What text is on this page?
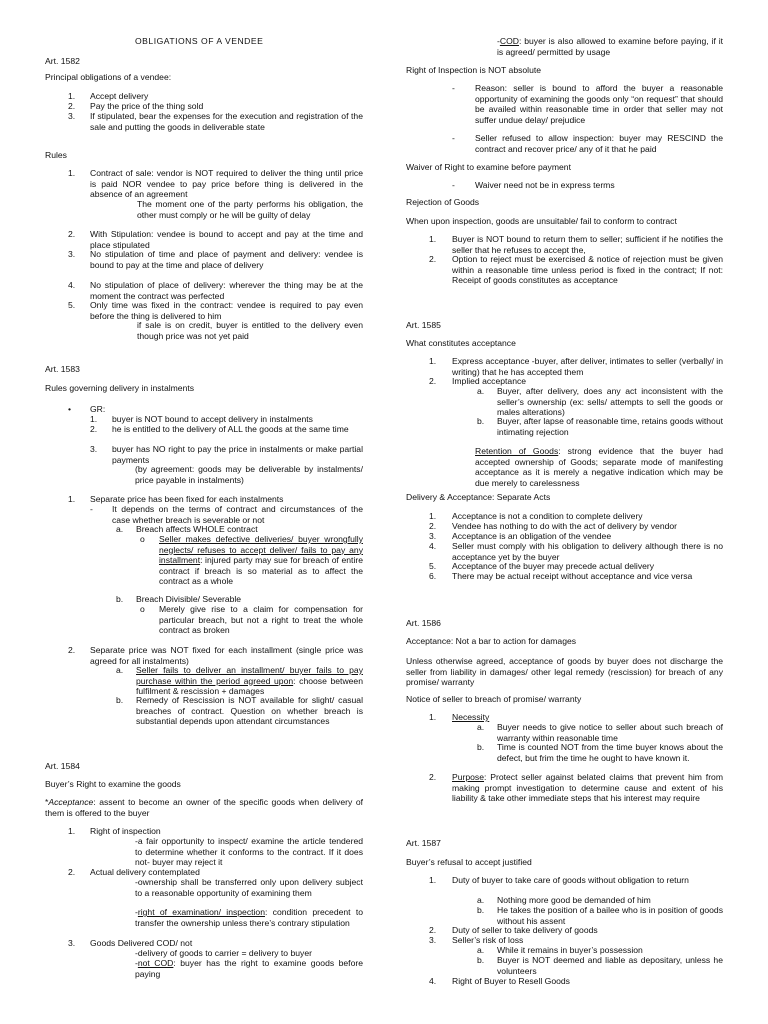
OBLIGATIONS OF A VENDEE
Art. 1582
Principal obligations of a vendee:
1. Accept delivery
2. Pay the price of the thing sold
3. If stipulated, bear the expenses for the execution and registration of the sale and putting the goods in deliverable state
Rules
1. Contract of sale: vendor is NOT required to deliver the thing until price is paid NOR vendee to pay price before thing is delivered in the absence of an agreement
The moment one of the party performs his obligation, the other must comply or he will be guilty of delay
2. With Stipulation: vendee is bound to accept and pay at the time and place stipulated
3. No stipulation of time and place of payment and delivery: vendee is bound to pay at the time and place of delivery
4. No stipulation of place of delivery: wherever the thing may be at the moment the contract was perfected
5. Only time was fixed in the contract: vendee is required to pay even before the thing is delivered to him
if sale is on credit, buyer is entitled to the delivery even though price was not yet paid
Art. 1583
Rules governing delivery in instalments
• GR:
1. buyer is NOT bound to accept delivery in instalments
2. he is entitled to the delivery of ALL the goods at the same time
3. buyer has NO right to pay the price in instalments or make partial payments
(by agreement: goods may be deliverable by instalments/ price payable in instalments)
1. Separate price has been fixed for each instalments
- It depends on the terms of contract and circumstances of the case whether breach is severable or not
a. Breach affects WHOLE contract
o Seller makes defective deliveries/ buyer wrongfully neglects/ refuses to accept deliver/ fails to pay any installment: injured party may sue for breach of entire contract if breach is so material as to affect the contract as a whole
b. Breach Divisible/ Severable
o Merely give rise to a claim for compensation for particular breach, but not a right to treat the whole contract as broken
2. Separate price was NOT fixed for each installment (single price was agreed for all instalments)
a. Seller fails to deliver an installment/ buyer fails to pay purchase within the period agreed upon: choose between fulfilment & rescission + damages
b. Remedy of Rescission is NOT available for slight/ casual breaches of contract. Question on whether breach is substantial depends upon attendant circumstances
Art. 1584
Buyer’s Right to examine the goods
*Acceptance: assent to become an owner of the specific goods when delivery of them is offered to the buyer
1. Right of inspection
-a fair opportunity to inspect/ examine the article tendered to determine whether it conforms to the contract. If it does not- buyer may reject it
2. Actual delivery contemplated
-ownership shall be transferred only upon delivery subject to a reasonable opportunity of examining them
-right of examination/ inspection: condition precedent to transfer the ownership unless there’s contrary stipulation
3. Goods Delivered COD/ not
-delivery of goods to carrier = delivery to buyer
-not COD: buyer has the right to examine goods before paying
-COD: buyer is also allowed to examine before paying, if it is agreed/ permitted by usage
Right of Inspection is NOT absolute
- Reason: seller is bound to afford the buyer a reasonable opportunity of examining the goods only “on request” that should be availed within reasonable time in order that seller may not suffer undue delay/ prejudice
- Seller refused to allow inspection: buyer may RESCIND the contract and recover price/ any of it that he paid
Waiver of Right to examine before payment
- Waiver need not be in express terms
Rejection of Goods
When upon inspection, goods are unsuitable/ fail to conform to contract
1. Buyer is NOT bound to return them to seller; sufficient if he notifies the seller that he refuses to accept the,
2. Option to reject must be exercised & notice of rejection must be given within a reasonable time unless period is fixed in the contract; If not: Receipt of goods constitutes as acceptance
Art. 1585
What constitutes acceptance
1. Express acceptance -buyer, after deliver, intimates to seller (verbally/ in writing) that he has accepted them
2. Implied acceptance
a. Buyer, after delivery, does any act inconsistent with the seller’s ownership (ex: sells/ attempts to sell the goods or males alterations)
b. Buyer, after lapse of reasonable time, retains goods without intimating rejection
Retention of Goods: strong evidence that the buyer had accepted ownership of Goods; separate mode of manifesting acceptance as it is merely a negative indication which may be due merely to carelessness
Delivery & Acceptance: Separate Acts
1. Acceptance is not a condition to complete delivery
2. Vendee has nothing to do with the act of delivery by vendor
3. Acceptance is an obligation of the vendee
4. Seller must comply with his obligation to delivery although there is no acceptance yet by the buyer
5. Acceptance of the buyer may precede actual delivery
6. There may be actual receipt without acceptance and vice versa
Art. 1586
Acceptance: Not a bar to action for damages
Unless otherwise agreed, acceptance of goods by buyer does not discharge the seller from liability in damages/ other legal remedy (rescission) for breach of any promise/ warranty
Notice of seller to breach of promise/ warranty
1. Necessity
a. Buyer needs to give notice to seller about such breach of warranty within reasonable time
b. Time is counted NOT from the time buyer knows about the defect, but frim the time he ought to have known it.
2. Purpose: Protect seller against belated claims that prevent him from making prompt investigation to determine cause and extent of his liability & take other immediate steps that his interest may require
Art. 1587
Buyer’s refusal to accept justified
1. Duty of buyer to take care of goods without obligation to return
a. Nothing more good be demanded of him
b. He takes the position of a bailee who is in position of goods without his assent
2. Duty of seller to take delivery of goods
3. Seller’s risk of loss
a. While it remains in buyer’s possession
b. Buyer is NOT deemed and liable as depositary, unless he volunteers
4. Right of Buyer to Resell Goods
